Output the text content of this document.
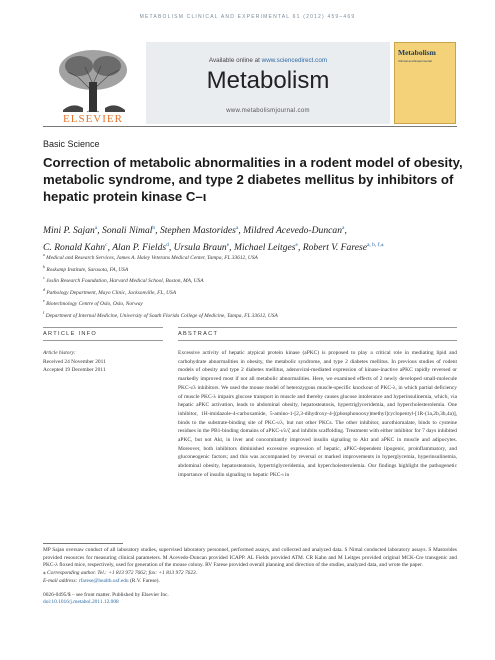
METABOLISM CLINICAL AND EXPERIMENTAL 61 (2012) 459–469
ELSEVIER
Available online at www.sciencedirect.com
Metabolism
www.metabolismjournal.com
Metabolism
Clinical and Experimental
Basic Science
Correction of metabolic abnormalities in a rodent model of obesity, metabolic syndrome, and type 2 diabetes mellitus by inhibitors of hepatic protein kinase C–ι
Mini P. Sajan$^a$, Sonali Nimal$^b$, Stephen Mastorides$^a$, Mildred Acevedo-Duncan$^a$,
C. Ronald Kahn$^c$, Alan P. Fields$^d$, Ursula Braun$^e$, Michael Leitges$^e$, Robert V. Farese$^{a, b, f,⁎}$
$^a$ Medical and Research Services, James A. Haley Veterans Medical Center, Tampa, FL 33612, USA
$^b$ Roskamp Institute, Sarasota, FA, USA
$^c$ Joslin Research Foundation, Harvard Medical School, Boston, MA, USA
$^d$ Pathology Department, Mayo Clinic, Jacksonville, FL, USA
$^e$ Biotechnology Centre of Oslo, Oslo, Norway
$^f$ Department of Internal Medicine, University of South Florida College of Medicine, Tampa, FL 33612, USA
ARTICLE INFO	ABSTRACT
Article history:
Received 24 November 2011
Accepted 19 December 2011
Excessive activity of hepatic atypical protein kinase (aPKC) is proposed to play a critical role in mediating lipid and carbohydrate abnormalities in obesity, the metabolic syndrome, and type 2 diabetes mellitus. In previous studies of rodent models of obesity and type 2 diabetes mellitus, adenoviral-mediated expression of kinase-inactive aPKC rapidly reversed or markedly improved most if not all metabolic abnormalities. Here, we examined effects of 2 newly developed small-molecule PKC-ι/λ inhibitors. We used the mouse model of heterozygous muscle-specific knockout of PKC-λ, in which partial deficiency of muscle PKC-λ impairs glucose transport in muscle and thereby causes glucose intolerance and hyperinsulinemia, which, via hepatic aPKC activation, leads to abdominal obesity, hepatosteatosis, hypertriglyceridemia, and hypercholesterolemia. One inhibitor, 1H-imidazole-4-carboxamide, 5-amino-1-[2,3-dihydroxy-4-[(phosphonooxy)methyl]cyclopentyl-[1R-(1a,2b,3b,4a)], binds to the substrate-binding site of PKC-ι/λ, but not other PKCs. The other inhibitor, aurothiomalate, binds to cysteine residues in the PB1-binding domains of aPKC-ι/λ/ζ and inhibits scaffolding. Treatment with either inhibitor for 7 days inhibited aPKC, but not Akt, in liver and concomitantly improved insulin signaling to Akt and aPKC in muscle and adipocytes. Moreover, both inhibitors diminished excessive expression of hepatic, aPKC-dependent lipogenic, proinflammatory, and gluconeogenic factors; and this was accompanied by reversal or marked improvements in hyperglycemia, hyperinsulinemia, abdominal obesity, hepatosteatosis, hypertriglyceridemia, and hypercholesterolemia. Our findings highlight the pathogenetic importance of insulin signaling to hepatic PKC-ι in
MP Sajan oversaw conduct of all laboratory studies, supervised laboratory personnel, performed assays, and collected and analyzed data. S Nimal conducted laboratory assays. S Mastorides provided resources for measuring clinical parameters. M Acevedo-Duncan provided ICAPP. AL Fields provided ATM. CR Kahn and M Leitges provided original MCK-Cre transgenic and PKC-λ floxed mice, respectively, used for generation of the mouse colony. RV Farese provided overall planning and direction of the studies, analyzed data, and wrote the paper.
⁎ Corresponding author. Tel.: +1 813 972 7662; fax: +1 813 972 7623.
E-mail address: rfarese@health.usf.edu (R.V. Farese).
0026-0495/$ – see front matter. Published by Elsevier Inc.
doi:10.1016/j.metabol.2011.12.008
